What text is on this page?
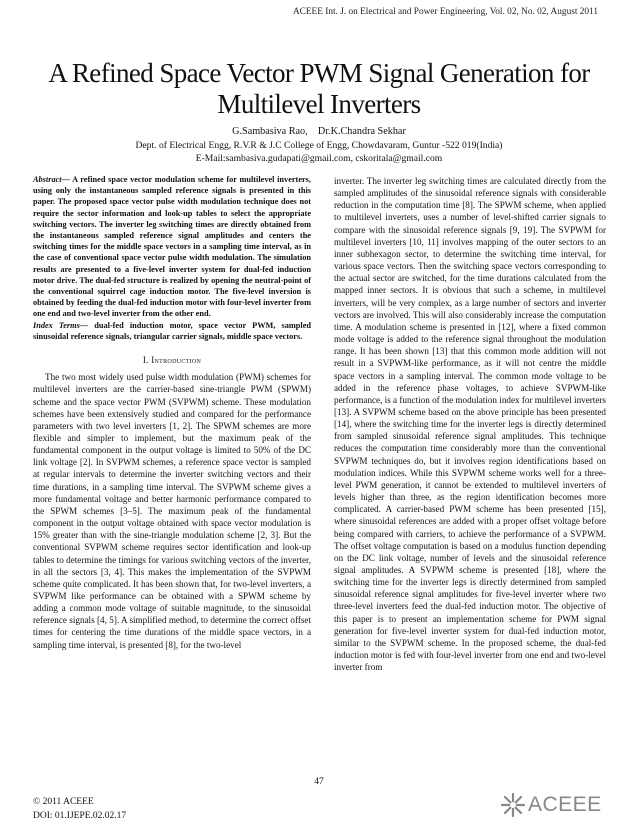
ACEEE Int. J. on Electrical and Power Engineering, Vol. 02, No. 02, August 2011
A Refined Space Vector PWM Signal Generation for
Multilevel Inverters
G.Sambasiva Rao,    Dr.K.Chandra Sekhar
Dept. of Electrical Engg, R.V.R & J.C College of Engg, Chowdavaram, Guntur -522 019(India)
E-Mail:sambasiva.gudapati@gmail.com, cskoritala@gmail.com

Abstract— A refined space vector modulation scheme for multilevel inverters, using only the instantaneous sampled reference signals is presented in this paper. The proposed space vector pulse width modulation technique does not require the sector information and look-up tables to select the appropriate switching vectors. The inverter leg switching times are directly obtained from the instantaneous sampled reference signal amplitudes and centers the switching times for the middle space vectors in a sampling time interval, as in the case of conventional space vector pulse width modulation. The simulation results are presented to a five-level inverter system for dual-fed induction motor drive. The dual-fed structure is realized by opening the neutral-point of the conventional squirrel cage induction motor. The five-level inversion is obtained by feeding the dual-fed induction motor with four-level inverter from one end and two-level inverter from the other end.

Index Terms— dual-fed induction motor, space vector PWM, sampled sinusoidal reference signals, triangular carrier signals, middle space vectors.

I. Introduction

The two most widely used pulse width modulation (PWM) schemes for multilevel inverters are the carrier-based sine-triangle PWM (SPWM) scheme and the space vector PWM (SVPWM) scheme. These modulation schemes have been extensively studied and compared for the performance parameters with two level inverters [1, 2]. The SPWM schemes are more flexible and simpler to implement, but the maximum peak of the fundamental component in the output voltage is limited to 50% of the DC link voltage [2]. In SVPWM schemes, a reference space vector is sampled at regular intervals to determine the inverter switching vectors and their time durations, in a sampling time interval. The SVPWM scheme gives a more fundamental voltage and better harmonic performance compared to the SPWM schemes [3–5]. The maximum peak of the fundamental component in the output voltage obtained with space vector modulation is 15% greater than with the sine-triangle modulation scheme [2, 3]. But the conventional SVPWM scheme requires sector identification and look-up tables to determine the timings for various switching vectors of the inverter, in all the sectors [3, 4]. This makes the implementation of the SVPWM scheme quite complicated. It has been shown that, for two-level inverters, a SVPWM like performance can be obtained with a SPWM scheme by adding a common mode voltage of suitable magnitude, to the sinusoidal reference signals [4, 5]. A simplified method, to determine the correct offset times for centering the time durations of the middle space vectors, in a sampling time interval, is presented [8], for the two-level

inverter. The inverter leg switching times are calculated directly from the sampled amplitudes of the sinusoidal reference signals with considerable reduction in the computation time [8]. The SPWM scheme, when applied to multilevel inverters, uses a number of level-shifted carrier signals to compare with the sinusoidal reference signals [9, 19]. The SVPWM for multilevel inverters [10, 11] involves mapping of the outer sectors to an inner subhexagon sector, to determine the switching time interval, for various space vectors. Then the switching space vectors corresponding to the actual sector are switched, for the time durations calculated from the mapped inner sectors. It is obvious that such a scheme, in multilevel inverters, will be very complex, as a large number of sectors and inverter vectors are involved. This will also considerably increase the computation time. A modulation scheme is presented in [12], where a fixed common mode voltage is added to the reference signal throughout the modulation range. It has been shown [13] that this common mode addition will not result in a SVPWM-like performance, as it will not centre the middle space vectors in a sampling interval. The common mode voltage to be added in the reference phase voltages, to achieve SVPWM-like performance, is a function of the modulation index for multilevel inverters [13]. A SVPWM scheme based on the above principle has been presented [14], where the switching time for the inverter legs is directly determined from sampled sinusoidal reference signal amplitudes. This technique reduces the computation time considerably more than the conventional SVPWM techniques do, but it involves region identifications based on modulation indices. While this SVPWM scheme works well for a three-level PWM generation, it cannot be extended to multilevel inverters of levels higher than three, as the region identification becomes more complicated. A carrier-based PWM scheme has been presented [15], where sinusoidal references are added with a proper offset voltage before being compared with carriers, to achieve the performance of a SVPWM. The offset voltage computation is based on a modulus function depending on the DC link voltage, number of levels and the sinusoidal reference signal amplitudes. A SVPWM scheme is presented [18], where the switching time for the inverter legs is directly determined from sampled sinusoidal reference signal amplitudes for five-level inverter where two three-level inverters feed the dual-fed induction motor. The objective of this paper is to present an implementation scheme for PWM signal generation for five-level inverter system for dual-fed induction motor, similar to the SVPWM scheme. In the proposed scheme, the dual-fed induction motor is fed with four-level inverter from one end and two-level inverter from

47
© 2011 ACEEE
DOI: 01.IJEPE.02.02.17	ACEEE
